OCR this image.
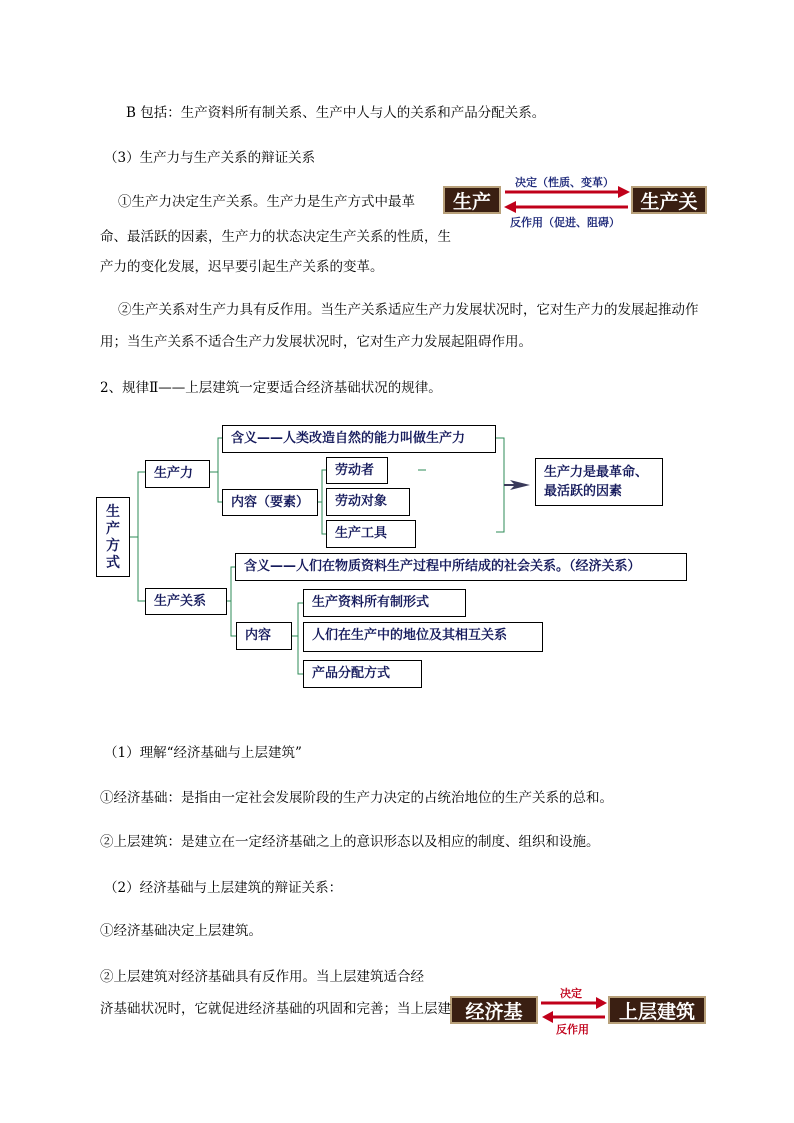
B 包括：生产资料所有制关系、生产中人与人的关系和产品分配关系。
（3）生产力与生产关系的辩证关系
①生产力决定生产关系。生产力是生产方式中最革
命、最活跃的因素，生产力的状态决定生产关系的性质，生
产力的变化发展，迟早要引起生产关系的变革。
②生产关系对生产力具有反作用。当生产关系适应生产力发展状况时，它对生产力的发展起推动作
用；当生产关系不适合生产力发展状况时，它对生产力发展起阻碍作用。
2、规律Ⅱ——上层建筑一定要适合经济基础状况的规律。
生产力
生产关系
决定（性质、变革）
反作用（促进、阻碍）
经济基础
上层建筑
决定
反作用
生产方式
生产力
含义——人类改造自然的能力叫做生产力
内容（要素）
劳动者
劳动对象
生产工具
生产力是最革命、
最活跃的因素
生产关系
含义——人们在物质资料生产过程中所结成的社会关系。（经济关系）
内容
生产资料所有制形式
人们在生产中的地位及其相互关系
产品分配方式
（1）理解“经济基础与上层建筑”
①经济基础：是指由一定社会发展阶段的生产力决定的占统治地位的生产关系的总和。
②上层建筑：是建立在一定经济基础之上的意识形态以及相应的制度、组织和设施。
（2）经济基础与上层建筑的辩证关系：
①经济基础决定上层建筑。
②上层建筑对经济基础具有反作用。当上层建筑适合经
济基础状况时，它就促进经济基础的巩固和完善；当上层建
